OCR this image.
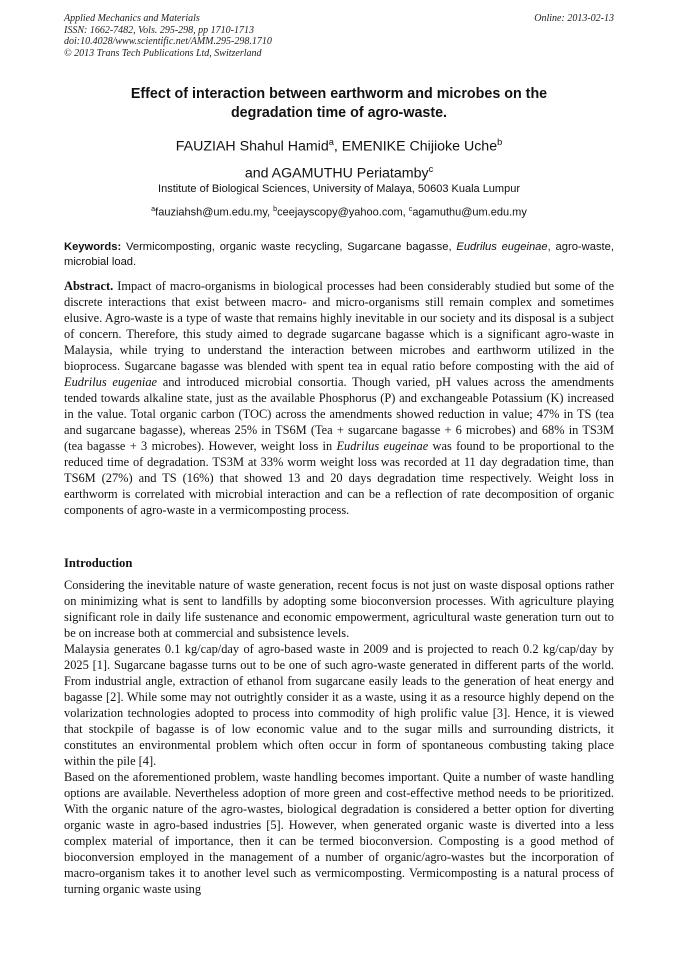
Applied Mechanics and Materials
ISSN: 1662-7482, Vols. 295-298, pp 1710-1713
doi:10.4028/www.scientific.net/AMM.295-298.1710
© 2013 Trans Tech Publications Ltd, Switzerland
Online: 2013-02-13
Effect of interaction between earthworm and microbes on the
degradation time of agro-waste.
FAUZIAH Shahul Hamid$^a$, EMENIKE Chijioke Uche$^b$
and AGAMUTHU Periatamby$^c$
Institute of Biological Sciences, University of Malaya, 50603 Kuala Lumpur
$^a$fauziahsh@um.edu.my, $^b$ceejayscopy@yahoo.com, $^c$agamuthu@um.edu.my
Keywords: Vermicomposting, organic waste recycling, Sugarcane bagasse, Eudrilus eugeinae, agro-waste, microbial load.
Abstract. Impact of macro-organisms in biological processes had been considerably studied but some of the discrete interactions that exist between macro- and micro-organisms still remain complex and sometimes elusive. Agro-waste is a type of waste that remains highly inevitable in our society and its disposal is a subject of concern. Therefore, this study aimed to degrade sugarcane bagasse which is a significant agro-waste in Malaysia, while trying to understand the interaction between microbes and earthworm utilized in the bioprocess. Sugarcane bagasse was blended with spent tea in equal ratio before composting with the aid of Eudrilus eugeniae and introduced microbial consortia. Though varied, pH values across the amendments tended towards alkaline state, just as the available Phosphorus (P) and exchangeable Potassium (K) increased in the value. Total organic carbon (TOC) across the amendments showed reduction in value; 47% in TS (tea and sugarcane bagasse), whereas 25% in TS6M (Tea + sugarcane bagasse + 6 microbes) and 68% in TS3M (tea bagasse + 3 microbes). However, weight loss in Eudrilus eugeinae was found to be proportional to the reduced time of degradation. TS3M at 33% worm weight loss was recorded at 11 day degradation time, than TS6M (27%) and TS (16%) that showed 13 and 20 days degradation time respectively. Weight loss in earthworm is correlated with microbial interaction and can be a reflection of rate decomposition of organic components of agro-waste in a vermicomposting process.
Introduction

Considering the inevitable nature of waste generation, recent focus is not just on waste disposal options rather on minimizing what is sent to landfills by adopting some bioconversion processes. With agriculture playing significant role in daily life sustenance and economic empowerment, agricultural waste generation turn out to be on increase both at commercial and subsistence levels.

Malaysia generates 0.1 kg/cap/day of agro-based waste in 2009 and is projected to reach 0.2 kg/cap/day by 2025 [1]. Sugarcane bagasse turns out to be one of such agro-waste generated in different parts of the world. From industrial angle, extraction of ethanol from sugarcane easily leads to the generation of heat energy and bagasse [2]. While some may not outrightly consider it as a waste, using it as a resource highly depend on the volarization technologies adopted to process into commodity of high prolific value [3]. Hence, it is viewed that stockpile of bagasse is of low economic value and to the sugar mills and surrounding districts, it constitutes an environmental problem which often occur in form of spontaneous combusting taking place within the pile [4].

Based on the aforementioned problem, waste handling becomes important. Quite a number of waste handling options are available. Nevertheless adoption of more green and cost-effective method needs to be prioritized. With the organic nature of the agro-wastes, biological degradation is considered a better option for diverting organic waste in agro-based industries [5]. However, when generated organic waste is diverted into a less complex material of importance, then it can be termed bioconversion. Composting is a good method of bioconversion employed in the management of a number of organic/agro-wastes but the incorporation of macro-organism takes it to another level such as vermicomposting. Vermicomposting is a natural process of turning organic waste using
